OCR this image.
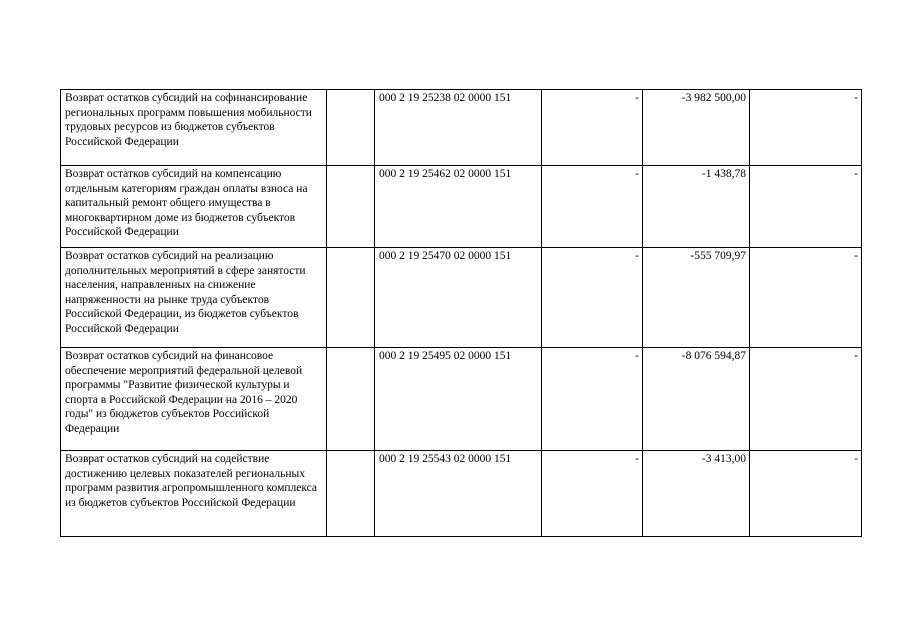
Возврат остатков субсидий на софинансирование региональных программ повышения мобильности трудовых ресурсов из бюджетов субъектов Российской Федерации		000 2 19 25238 02 0000 151	-	-3 982 500,00	-
Возврат остатков субсидий на компенсацию отдельным категориям граждан оплаты взноса на капитальный ремонт общего имущества в многоквартирном доме из бюджетов субъектов Российской Федерации		000 2 19 25462 02 0000 151	-	-1 438,78	-
Возврат остатков субсидий на реализацию дополнительных мероприятий в сфере занятости населения, направленных на снижение напряженности на рынке труда субъектов Российской Федерации, из бюджетов субъектов Российской Федерации		000 2 19 25470 02 0000 151	-	-555 709,97	-
Возврат остатков субсидий на финансовое обеспечение мероприятий федеральной целевой программы "Развитие физической культуры и спорта в Российской Федерации на 2016 – 2020 годы" из бюджетов субъектов Российской Федерации		000 2 19 25495 02 0000 151	-	-8 076 594,87	-
Возврат остатков субсидий на содействие достижению целевых показателей региональных программ развития агропромышленного комплекса из бюджетов субъектов Российской Федерации		000 2 19 25543 02 0000 151	-	-3 413,00	-
